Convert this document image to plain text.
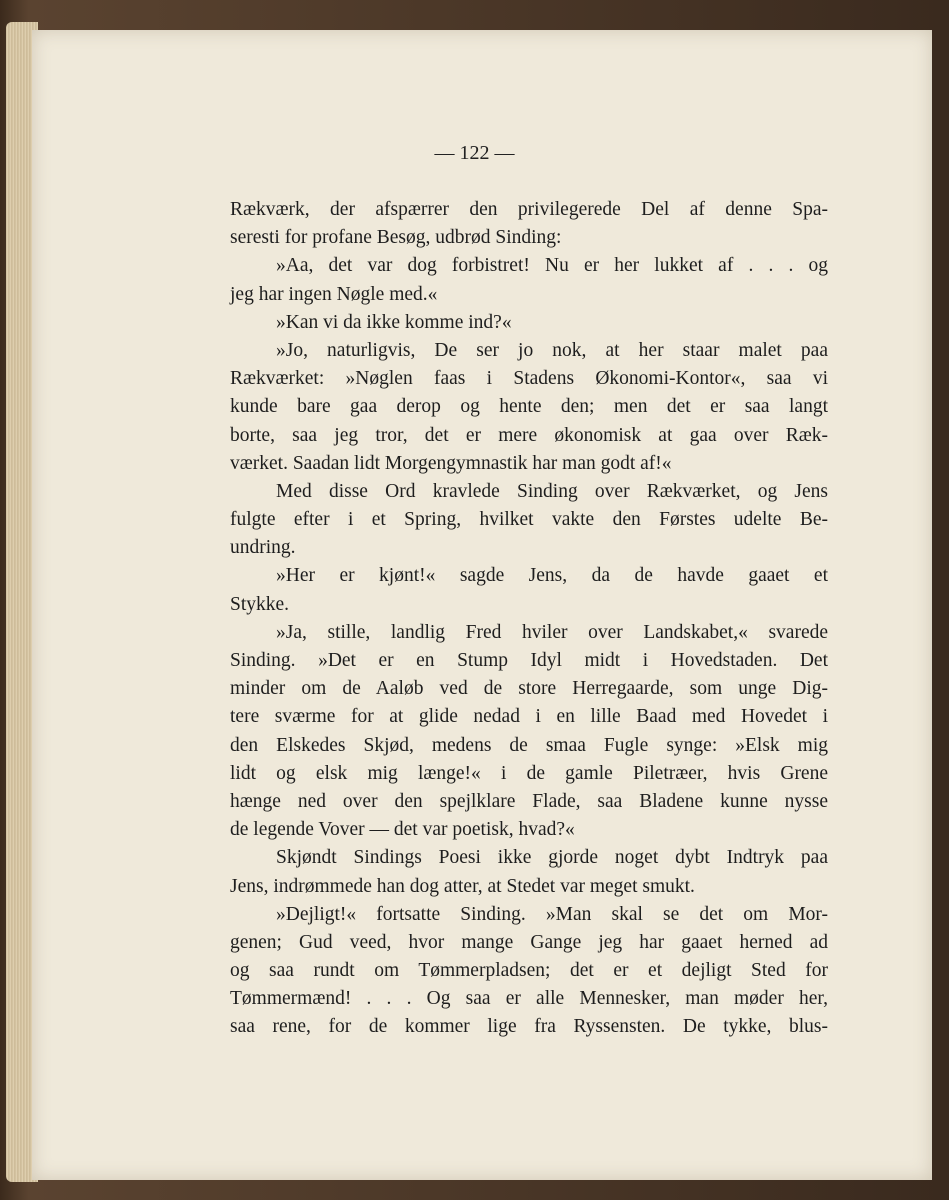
— 122 —
Rækværk, der afspærrer den privilegerede Del af denne Spa-
seresti for profane Besøg, udbrød Sinding:
»Aa, det var dog forbistret! Nu er her lukket af . . . og
jeg har ingen Nøgle med.«
»Kan vi da ikke komme ind?«
»Jo, naturligvis, De ser jo nok, at her staar malet paa
Rækværket: »Nøglen faas i Stadens Økonomi-Kontor«, saa vi
kunde bare gaa derop og hente den; men det er saa langt
borte, saa jeg tror, det er mere økonomisk at gaa over Ræk-
værket. Saadan lidt Morgengymnastik har man godt af!«
Med disse Ord kravlede Sinding over Rækværket, og Jens
fulgte efter i et Spring, hvilket vakte den Førstes udelte Be-
undring.
»Her er kjønt!« sagde Jens, da de havde gaaet et
Stykke.
»Ja, stille, landlig Fred hviler over Landskabet,« svarede
Sinding. »Det er en Stump Idyl midt i Hovedstaden. Det
minder om de Aaløb ved de store Herregaarde, som unge Dig-
tere sværme for at glide nedad i en lille Baad med Hovedet i
den Elskedes Skjød, medens de smaa Fugle synge: »Elsk mig
lidt og elsk mig længe!« i de gamle Piletræer, hvis Grene
hænge ned over den spejlklare Flade, saa Bladene kunne nysse
de legende Vover — det var poetisk, hvad?«
Skjøndt Sindings Poesi ikke gjorde noget dybt Indtryk paa
Jens, indrømmede han dog atter, at Stedet var meget smukt.
»Dejligt!« fortsatte Sinding. »Man skal se det om Mor-
genen; Gud veed, hvor mange Gange jeg har gaaet herned ad
og saa rundt om Tømmerpladsen; det er et dejligt Sted for
Tømmermænd! . . . Og saa er alle Mennesker, man møder her,
saa rene, for de kommer lige fra Ryssensten. De tykke, blus-
